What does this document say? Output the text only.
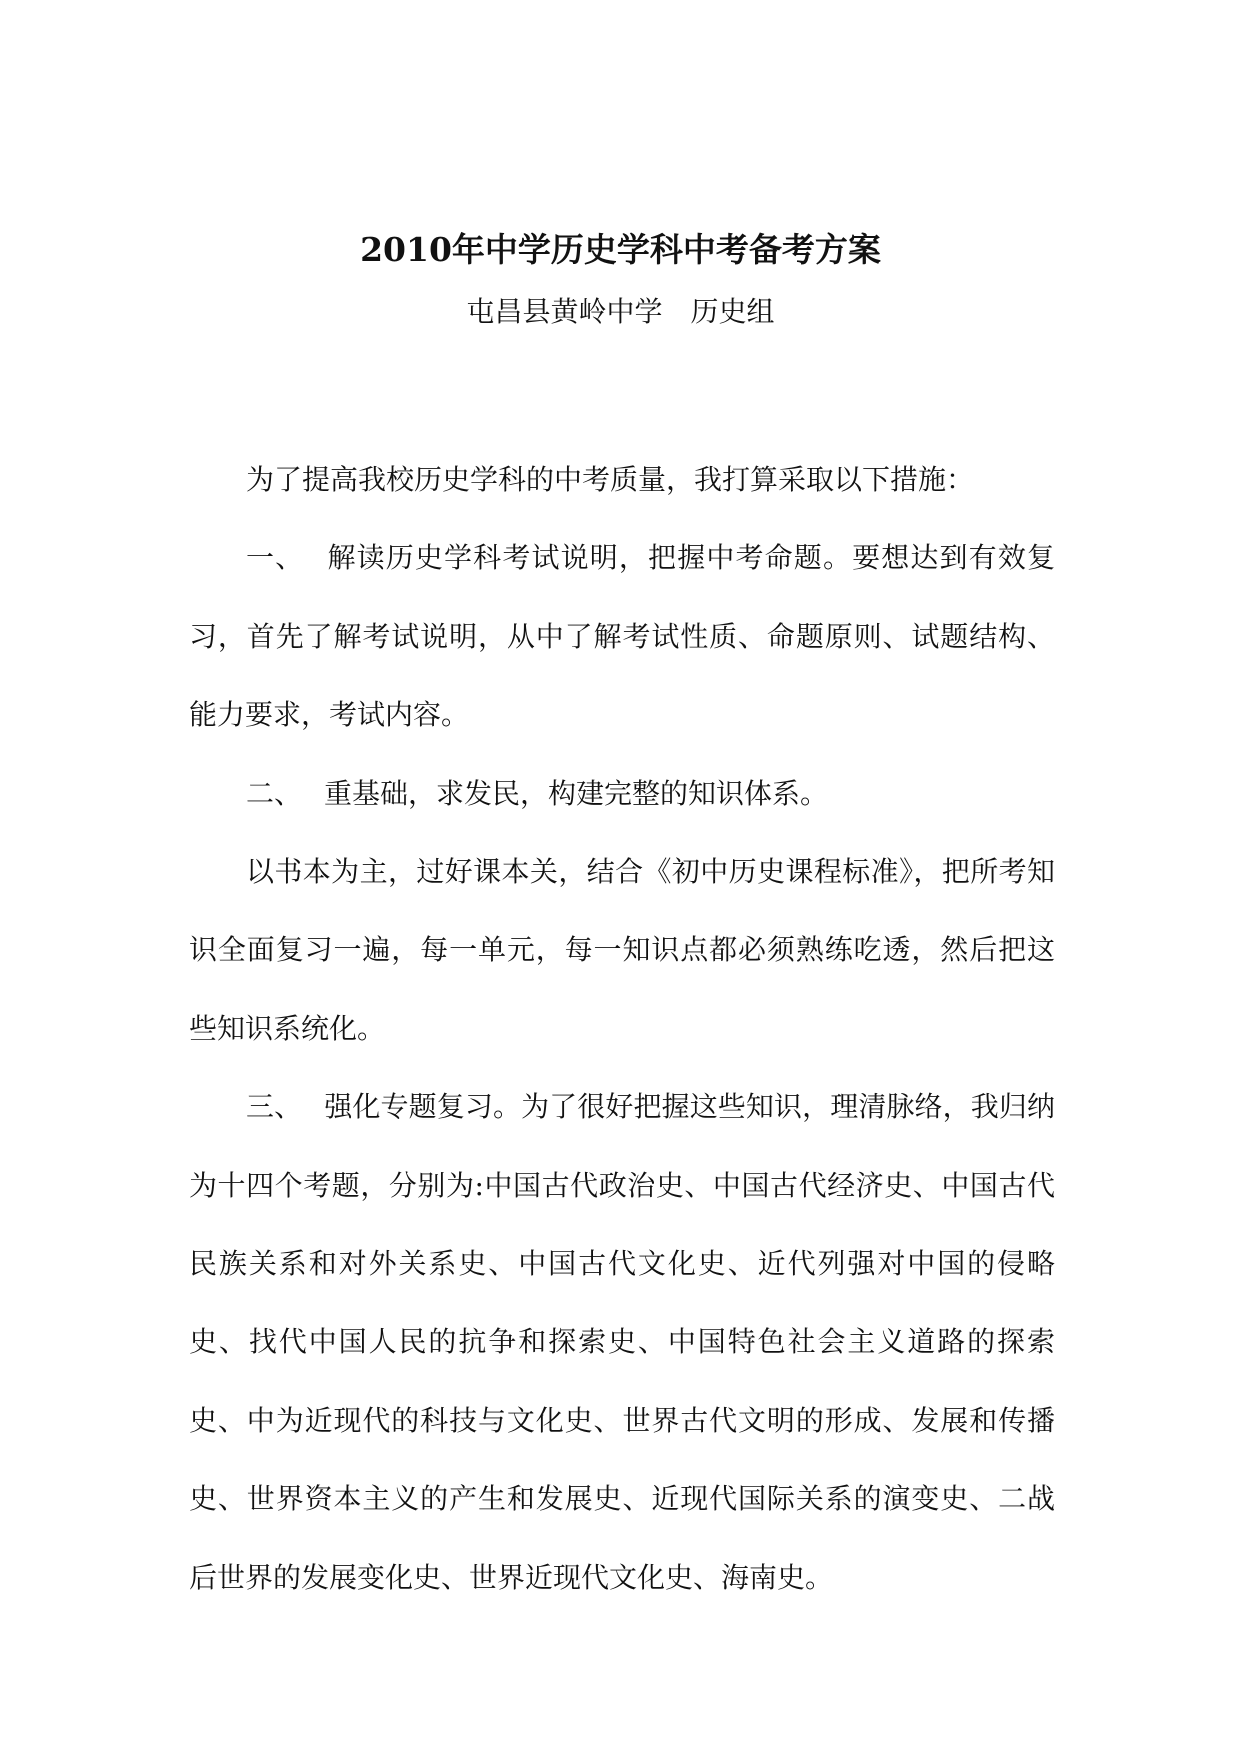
2010年中学历史学科中考备考方案
屯昌县黄岭中学 历史组

为了提高我校历史学科的中考质量，我打算采取以下措施：

一、 解读历史学科考试说明，把握中考命题。要想达到有效复习，首先了解考试说明，从中了解考试性质、命题原则、试题结构、能力要求，考试内容。

二、 重基础，求发民，构建完整的知识体系。

以书本为主，过好课本关，结合《初中历史课程标准》，把所考知识全面复习一遍，每一单元，每一知识点都必须熟练吃透，然后把这些知识系统化。

三、 强化专题复习。为了很好把握这些知识，理清脉络，我归纳为十四个考题，分别为:中国古代政治史、中国古代经济史、中国古代民族关系和对外关系史、中国古代文化史、近代列强对中国的侵略史、找代中国人民的抗争和探索史、中国特色社会主义道路的探索史、中为近现代的科技与文化史、世界古代文明的形成、发展和传播史、世界资本主义的产生和发展史、近现代国际关系的演变史、二战后世界的发展变化史、世界近现代文化史、海南史。
